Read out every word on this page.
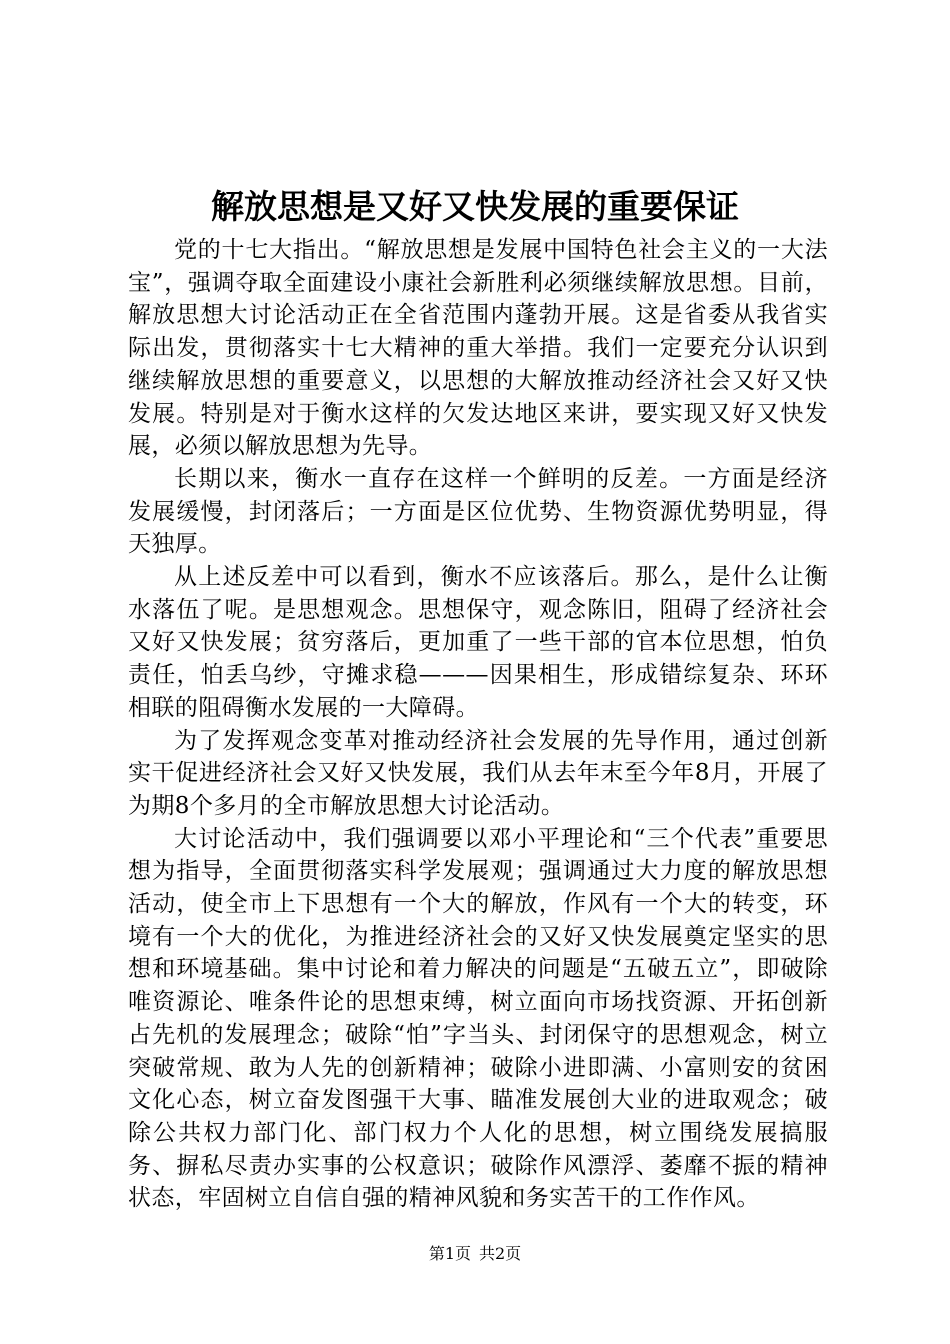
解放思想是又好又快发展的重要保证

党的十七大指出。“解放思想是发展中国特色社会主义的一大法宝”，强调夺取全面建设小康社会新胜利必须继续解放思想。目前，解放思想大讨论活动正在全省范围内蓬勃开展。这是省委从我省实际出发，贯彻落实十七大精神的重大举措。我们一定要充分认识到继续解放思想的重要意义，以思想的大解放推动经济社会又好又快发展。特别是对于衡水这样的欠发达地区来讲，要实现又好又快发展，必须以解放思想为先导。

长期以来，衡水一直存在这样一个鲜明的反差。一方面是经济发展缓慢，封闭落后；一方面是区位优势、生物资源优势明显，得天独厚。

从上述反差中可以看到，衡水不应该落后。那么，是什么让衡水落伍了呢。是思想观念。思想保守，观念陈旧，阻碍了经济社会又好又快发展；贫穷落后，更加重了一些干部的官本位思想，怕负责任，怕丢乌纱，守摊求稳———因果相生，形成错综复杂、环环相联的阻碍衡水发展的一大障碍。

为了发挥观念变革对推动经济社会发展的先导作用，通过创新实干促进经济社会又好又快发展，我们从去年末至今年8月，开展了为期8个多月的全市解放思想大讨论活动。

大讨论活动中，我们强调要以邓小平理论和“三个代表”重要思想为指导，全面贯彻落实科学发展观；强调通过大力度的解放思想活动，使全市上下思想有一个大的解放，作风有一个大的转变，环境有一个大的优化，为推进经济社会的又好又快发展奠定坚实的思想和环境基础。集中讨论和着力解决的问题是“五破五立”，即破除唯资源论、唯条件论的思想束缚，树立面向市场找资源、开拓创新占先机的发展理念；破除“怕”字当头、封闭保守的思想观念，树立突破常规、敢为人先的创新精神；破除小进即满、小富则安的贫困文化心态，树立奋发图强干大事、瞄准发展创大业的进取观念；破除公共权力部门化、部门权力个人化的思想，树立围绕发展搞服务、摒私尽责办实事的公权意识；破除作风漂浮、萎靡不振的精神状态，牢固树立自信自强的精神风貌和务实苦干的工作作风。

第1页 共2页
